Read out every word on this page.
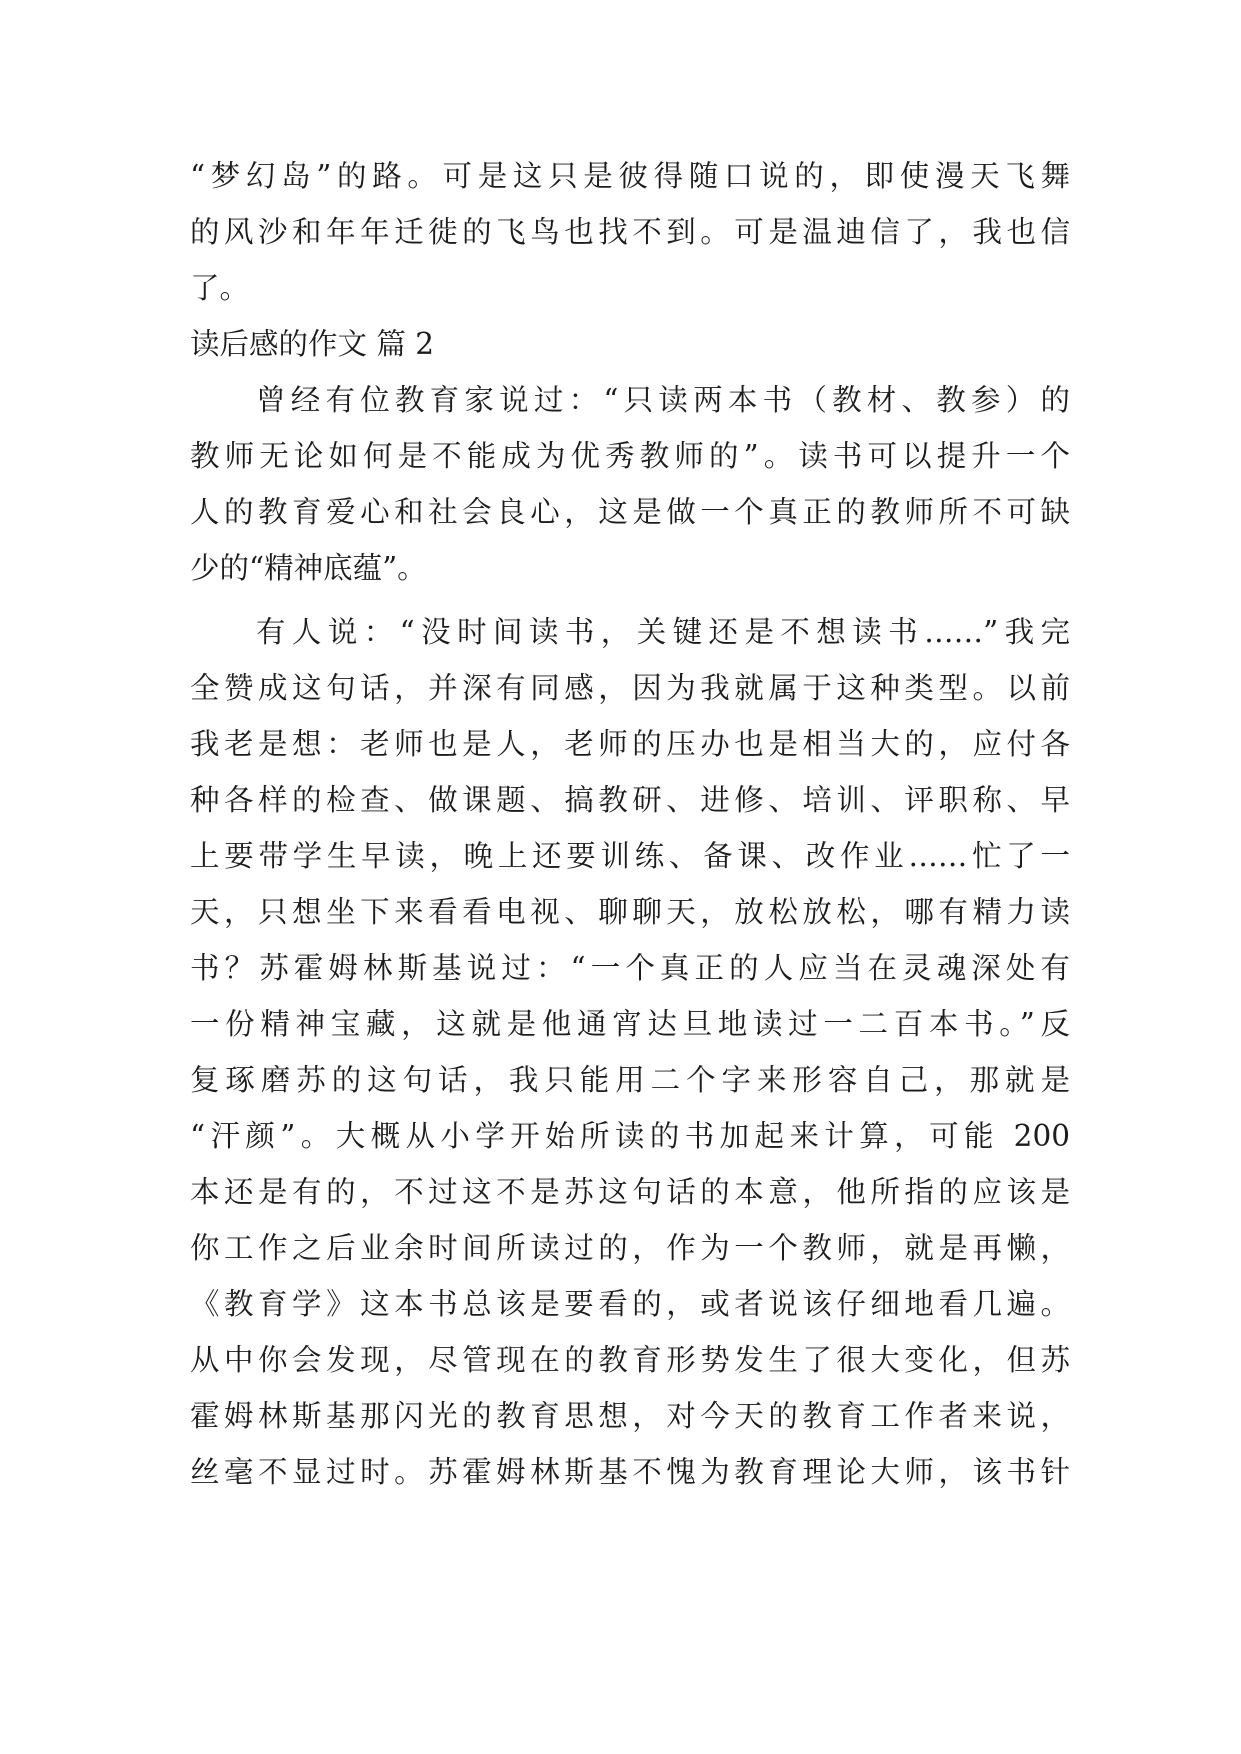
“梦幻岛”的路。可是这只是彼得随口说的，即使漫天飞舞
的风沙和年年迁徙的飞鸟也找不到。可是温迪信了，我也信
了。
读后感的作文 篇 2
曾经有位教育家说过：“只读两本书（教材、教参）的
教师无论如何是不能成为优秀教师的”。读书可以提升一个
人的教育爱心和社会良心，这是做一个真正的教师所不可缺
少的“精神底蕴”。
有人说：“没时间读书，关键还是不想读书……”我完
全赞成这句话，并深有同感，因为我就属于这种类型。以前
我老是想：老师也是人，老师的压办也是相当大的，应付各
种各样的检查、做课题、搞教研、进修、培训、评职称、早
上要带学生早读，晚上还要训练、备课、改作业……忙了一
天，只想坐下来看看电视、聊聊天，放松放松，哪有精力读
书？苏霍姆林斯基说过：“一个真正的人应当在灵魂深处有
一份精神宝藏，这就是他通宵达旦地读过一二百本书。”反
复琢磨苏的这句话，我只能用二个字来形容自己，那就是
“汗颜”。大概从小学开始所读的书加起来计算，可能 200
本还是有的，不过这不是苏这句话的本意，他所指的应该是
你工作之后业余时间所读过的，作为一个教师，就是再懒，
《教育学》这本书总该是要看的，或者说该仔细地看几遍。
从中你会发现，尽管现在的教育形势发生了很大变化，但苏
霍姆林斯基那闪光的教育思想，对今天的教育工作者来说，
丝毫不显过时。苏霍姆林斯基不愧为教育理论大师，该书针
